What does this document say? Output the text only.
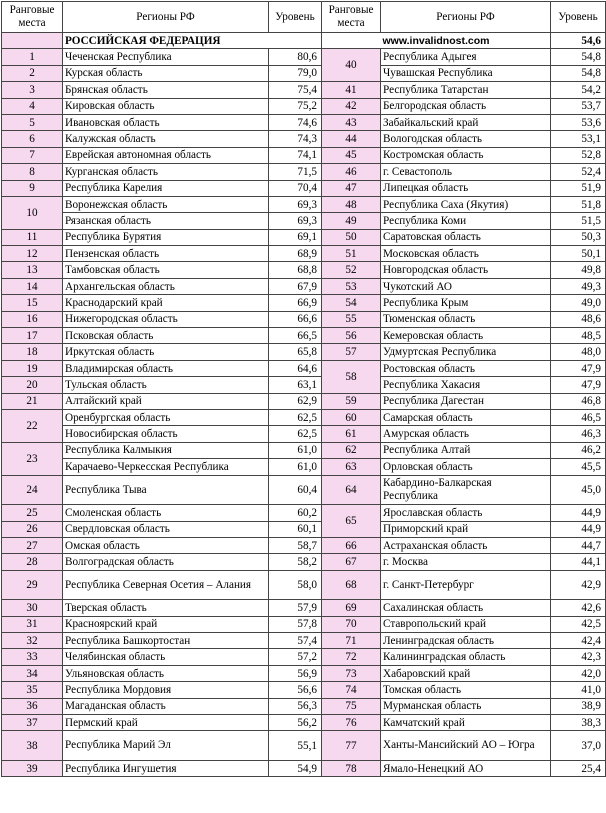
Ранговые места	Регионы РФ	Уровень	Ранговые места	Регионы РФ	Уровень
	РОССИЙСКАЯ ФЕДЕРАЦИЯ		www.invalidnost.com		54,6
1	Чеченская Республика	80,6	40	Республика Адыгея	54,8
2	Курская область	79,0		Чувашская Республика	54,8
3	Брянская область	75,4	41	Республика Татарстан	54,2
4	Кировская область	75,2	42	Белгородская область	53,7
5	Ивановская область	74,6	43	Забайкальский край	53,6
6	Калужская область	74,3	44	Вологодская область	53,1
7	Еврейская автономная область	74,1	45	Костромская область	52,8
8	Курганская область	71,5	46	г. Севастополь	52,4
9	Республика Карелия	70,4	47	Липецкая область	51,9
10	Воронежская область	69,3	48	Республика Саха (Якутия)	51,8
	Рязанская область	69,3	49	Республика Коми	51,5
11	Республика Бурятия	69,1	50	Саратовская область	50,3
12	Пензенская область	68,9	51	Московская область	50,1
13	Тамбовская область	68,8	52	Новгородская область	49,8
14	Архангельская область	67,9	53	Чукотский АО	49,3
15	Краснодарский край	66,9	54	Республика Крым	49,0
16	Нижегородская область	66,6	55	Тюменская область	48,6
17	Псковская область	66,5	56	Кемеровская область	48,5
18	Иркутская область	65,8	57	Удмуртская Республика	48,0
19	Владимирская область	64,6	58	Ростовская область	47,9
20	Тульская область	63,1		Республика Хакасия	47,9
21	Алтайский край	62,9	59	Республика Дагестан	46,8
22	Оренбургская область	62,5	60	Самарская область	46,5
	Новосибирская область	62,5	61	Амурская область	46,3
23	Республика Калмыкия	61,0	62	Республика Алтай	46,2
	Карачаево-Черкесская Республика	61,0	63	Орловская область	45,5
24	Республика Тыва	60,4	64	Кабардино-Балкарская Республика	45,0
25	Смоленская область	60,2	65	Ярославская область	44,9
26	Свердловская область	60,1		Приморский край	44,9
27	Омская область	58,7	66	Астраханская область	44,7
28	Волгоградская область	58,2	67	г. Москва	44,1
29	Республика Северная Осетия – Алания	58,0	68	г. Санкт-Петербург	42,9
30	Тверская область	57,9	69	Сахалинская область	42,6
31	Красноярский край	57,8	70	Ставропольский край	42,5
32	Республика Башкортостан	57,4	71	Ленинградская область	42,4
33	Челябинская область	57,2	72	Калининградская область	42,3
34	Ульяновская область	56,9	73	Хабаровский край	42,0
35	Республика Мордовия	56,6	74	Томская область	41,0
36	Магаданская область	56,3	75	Мурманская область	38,9
37	Пермский край	56,2	76	Камчатский край	38,3
38	Республика Марий Эл	55,1	77	Ханты-Мансийский АО – Югра	37,0
39	Республика Ингушетия	54,9	78	Ямало-Ненецкий АО	25,4
